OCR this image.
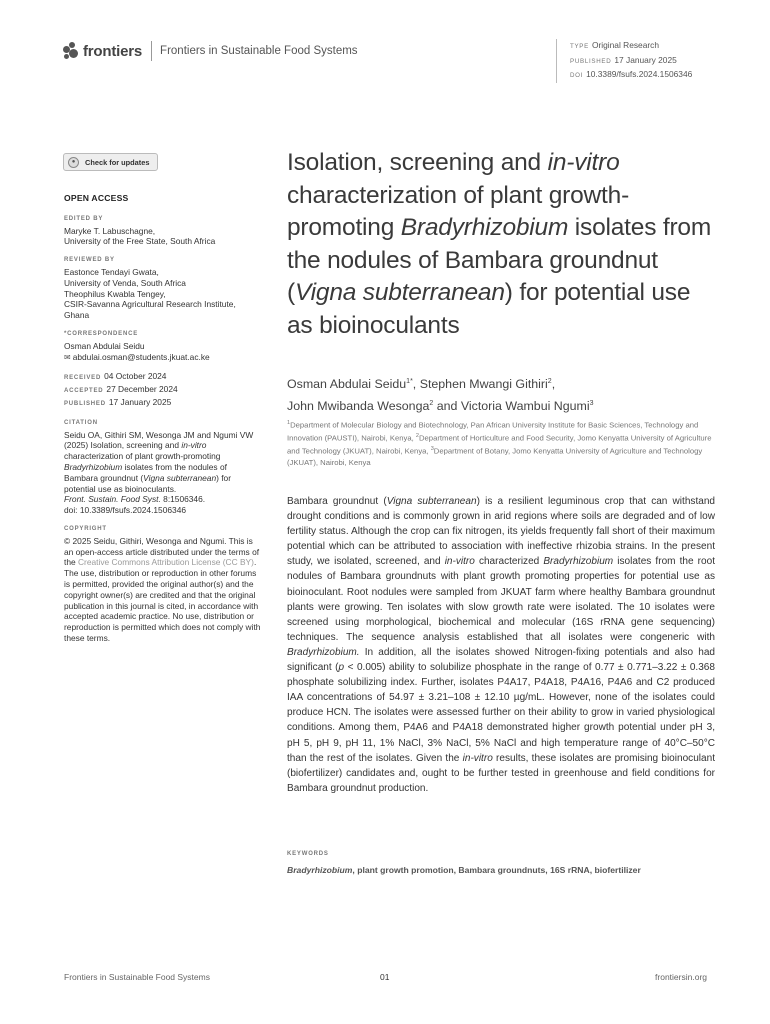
frontiers Frontiers in Sustainable Food Systems	TYPE Original Research
PUBLISHED 17 January 2025
DOI 10.3389/fsufs.2024.1506346
●	Check for updates
OPEN ACCESS
EDITED BY
Maryke T. Labuschagne,
University of the Free State, South Africa
REVIEWED BY
Eastonce Tendayi Gwata,
University of Venda, South Africa
Theophilus Kwabla Tengey,
CSIR-Savanna Agricultural Research Institute,
Ghana
*CORRESPONDENCE
Osman Abdulai Seidu
✉ abdulai.osman@students.jkuat.ac.ke
RECEIVED 04 October 2024
ACCEPTED 27 December 2024
PUBLISHED 17 January 2025
CITATION
Seidu OA, Githiri SM, Wesonga JM and Ngumi VW (2025) Isolation, screening and in-vitro characterization of plant growth-promoting Bradyrhizobium isolates from the nodules of Bambara groundnut (Vigna subterranean) for potential use as bioinoculants.
Front. Sustain. Food Syst. 8:1506346.
doi: 10.3389/fsufs.2024.1506346
COPYRIGHT
© 2025 Seidu, Githiri, Wesonga and Ngumi. This is an open-access article distributed under the terms of the Creative Commons Attribution License (CC BY). The use, distribution or reproduction in other forums is permitted, provided the original author(s) and the copyright owner(s) are credited and that the original publication in this journal is cited, in accordance with accepted academic practice. No use, distribution or reproduction is permitted which does not comply with these terms.
Isolation, screening and in-vitro characterization of plant growth-promoting Bradyrhizobium isolates from the nodules of Bambara groundnut (Vigna subterranean) for potential use as bioinoculants
Osman Abdulai Seidu$^{1*}$, Stephen Mwangi Githiri$^2$,
John Mwibanda Wesonga$^2$ and Victoria Wambui Ngumi$^3$
$^1$Department of Molecular Biology and Biotechnology, Pan African University Institute for Basic Sciences, Technology and Innovation (PAUSTI), Nairobi, Kenya, $^2$Department of Horticulture and Food Security, Jomo Kenyatta University of Agriculture and Technology (JKUAT), Nairobi, Kenya, $^3$Department of Botany, Jomo Kenyatta University of Agriculture and Technology (JKUAT), Nairobi, Kenya

Bambara groundnut (Vigna subterranean) is a resilient leguminous crop that can withstand drought conditions and is commonly grown in arid regions where soils are degraded and of low fertility status. Although the crop can fix nitrogen, its yields frequently fall short of their maximum potential which can be attributed to association with ineffective rhizobia strains. In the present study, we isolated, screened, and in-vitro characterized Bradyrhizobium isolates from the root nodules of Bambara groundnuts with plant growth promoting properties for potential use as bioinoculant. Root nodules were sampled from JKUAT farm where healthy Bambara groundnut plants were growing. Ten isolates with slow growth rate were isolated. The 10 isolates were screened using morphological, biochemical and molecular (16S rRNA gene sequencing) techniques. The sequence analysis established that all isolates were congeneric with Bradyrhizobium. In addition, all the isolates showed Nitrogen-fixing potentials and also had significant (p < 0.005) ability to solubilize phosphate in the range of 0.77 ± 0.771–3.22 ± 0.368 phosphate solubilizing index. Further, isolates P4A17, P4A18, P4A16, P4A6 and C2 produced IAA concentrations of 54.97 ± 3.21–108 ± 12.10 µg/mL. However, none of the isolates could produce HCN. The isolates were assessed further on their ability to grow in varied physiological conditions. Among them, P4A6 and P4A18 demonstrated higher growth potential under pH 3, pH 5, pH 9, pH 11, 1% NaCl, 3% NaCl, 5% NaCl and high temperature range of 40°C–50°C than the rest of the isolates. Given the in-vitro results, these isolates are promising bioinoculant (biofertilizer) candidates and, ought to be further tested in greenhouse and field conditions for Bambara groundnut production.

KEYWORDS
Bradyrhizobium, plant growth promotion, Bambara groundnuts, 16S rRNA, biofertilizer
Frontiers in Sustainable Food Systems	01	frontiersin.org
